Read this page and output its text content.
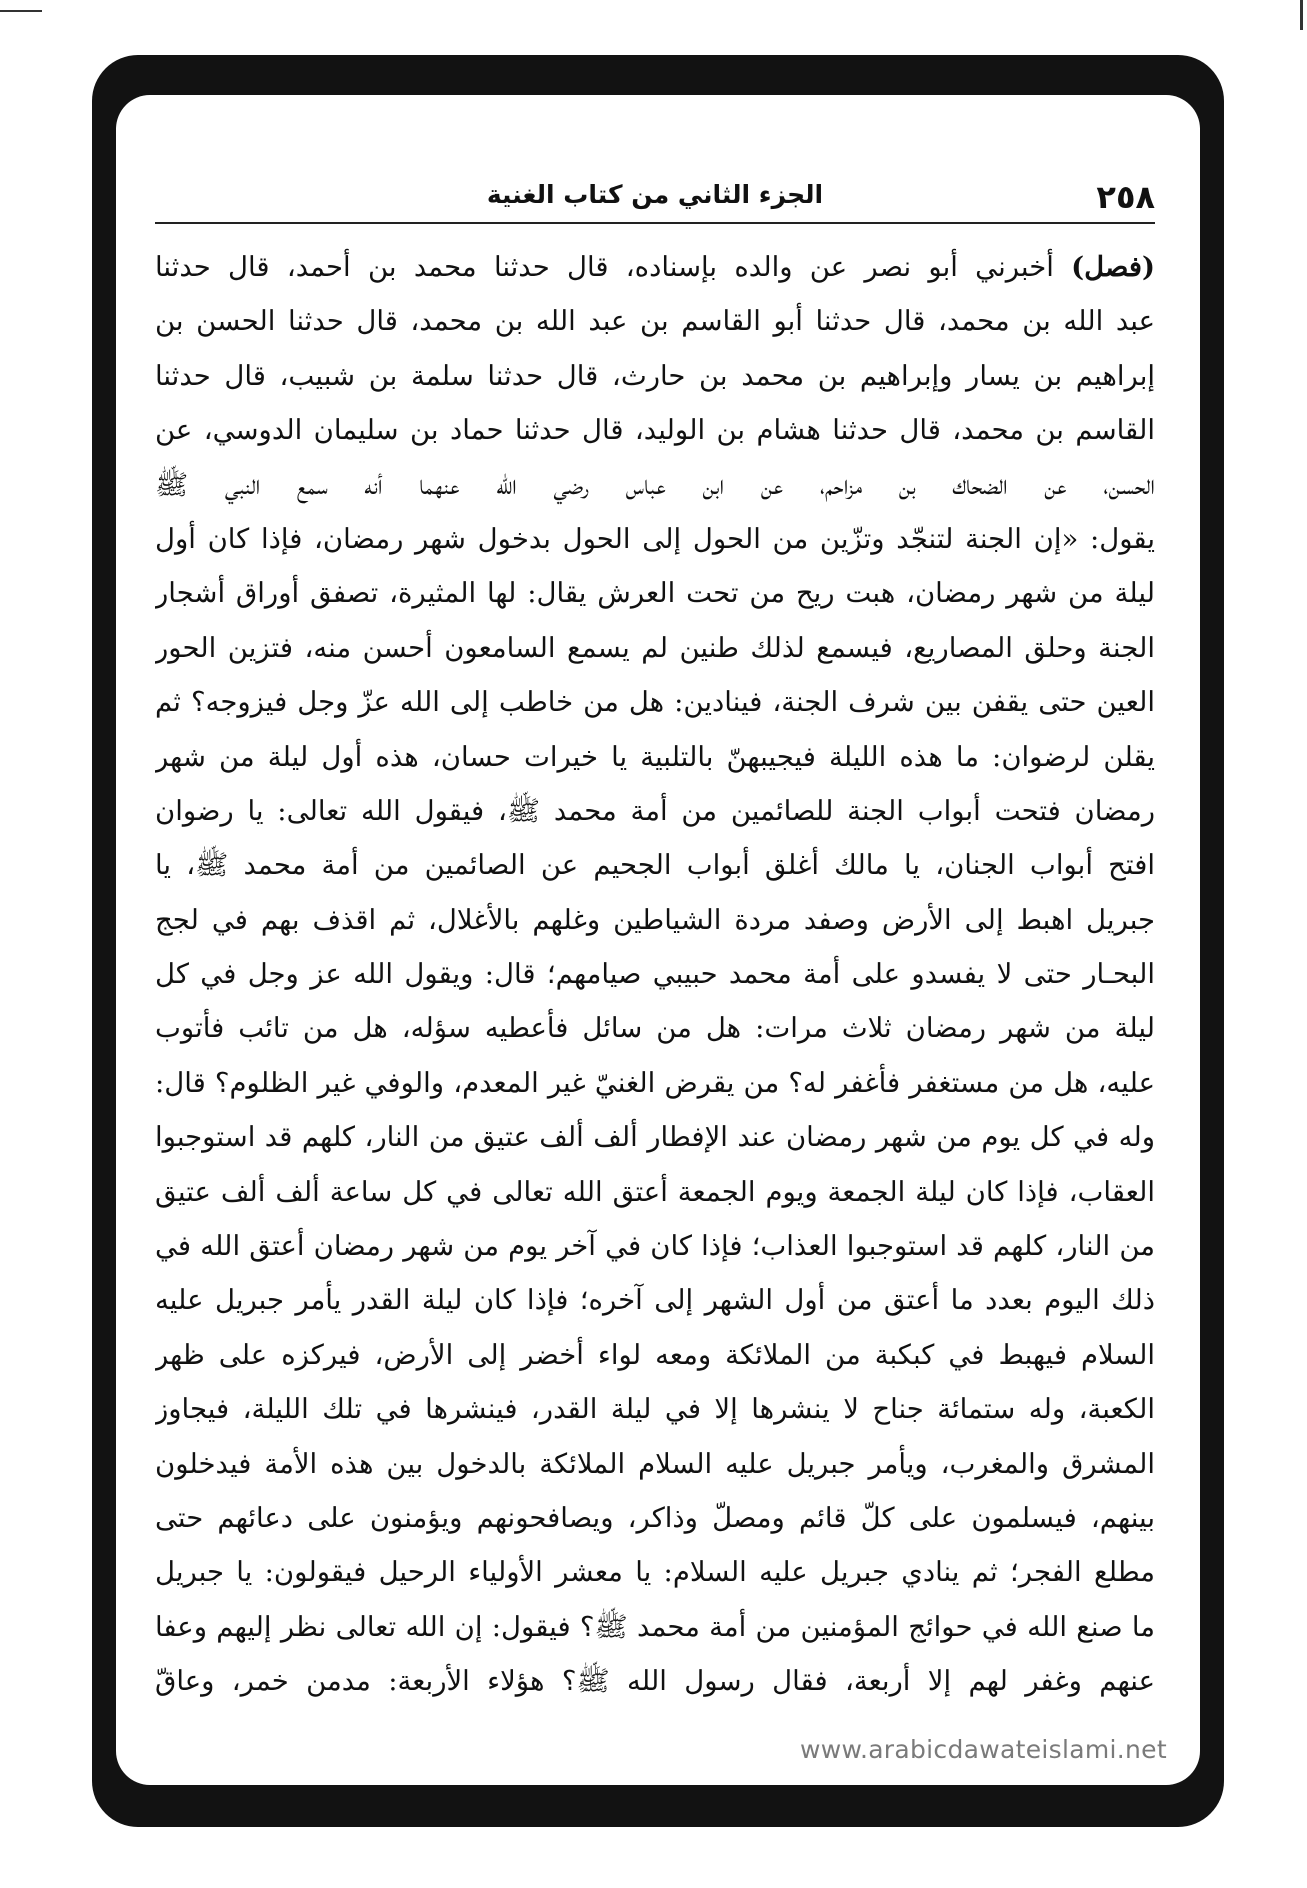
٢٥٨
الجزء الثاني من كتاب الغنية
(فصل) أخبرني أبو نصر عن والده بإسناده، قال حدثنا محمد بن أحمد، قال حدثنا
عبد الله بن محمد، قال حدثنا أبو القاسم بن عبد الله بن محمد، قال حدثنا الحسن بن
إبراهيم بن يسار وإبراهيم بن محمد بن حارث، قال حدثنا سلمة بن شبيب، قال حدثنا
القاسم بن محمد، قال حدثنا هشام بن الوليد، قال حدثنا حماد بن سليمان الدوسي، عن
الحسن، عن الضحاك بن مزاحم، عن ابن عباس رضي الله عنهما أنه سمع النبي ﷺ
يقول: «إن الجنة لتنجّد وتزّين من الحول إلى الحول بدخول شهر رمضان، فإذا كان أول
ليلة من شهر رمضان، هبت ريح من تحت العرش يقال: لها المثيرة، تصفق أوراق أشجار
الجنة وحلق المصاريع، فيسمع لذلك طنين لم يسمع السامعون أحسن منه، فتزين الحور
العين حتى يقفن بين شرف الجنة، فينادين: هل من خاطب إلى الله عزّ وجل فيزوجه؟ ثم
يقلن لرضوان: ما هذه الليلة فيجيبهنّ بالتلبية يا خيرات حسان، هذه أول ليلة من شهر
رمضان فتحت أبواب الجنة للصائمين من أمة محمد ﷺ، فيقول الله تعالى: يا رضوان
افتح أبواب الجنان، يا مالك أغلق أبواب الجحيم عن الصائمين من أمة محمد ﷺ، يا
جبريل اهبط إلى الأرض وصفد مردة الشياطين وغلهم بالأغلال، ثم اقذف بهم في لجج
البحـار حتى لا يفسدو على أمة محمد حبيبي صيامهم؛ قال: ويقول الله عز وجل في كل
ليلة من شهر رمضان ثلاث مرات: هل من سائل فأعطيه سؤله، هل من تائب فأتوب
عليه، هل من مستغفر فأغفر له؟ من يقرض الغنيّ غير المعدم، والوفي غير الظلوم؟ قال:
وله في كل يوم من شهر رمضان عند الإفطار ألف ألف عتيق من النار، كلهم قد استوجبوا
العقاب، فإذا كان ليلة الجمعة ويوم الجمعة أعتق الله تعالى في كل ساعة ألف ألف عتيق
من النار، كلهم قد استوجبوا العذاب؛ فإذا كان في آخر يوم من شهر رمضان أعتق الله في
ذلك اليوم بعدد ما أعتق من أول الشهر إلى آخره؛ فإذا كان ليلة القدر يأمر جبريل عليه
السلام فيهبط في كبكبة من الملائكة ومعه لواء أخضر إلى الأرض، فيركزه على ظهر
الكعبة، وله ستمائة جناح لا ينشرها إلا في ليلة القدر، فينشرها في تلك الليلة، فيجاوز
المشرق والمغرب، ويأمر جبريل عليه السلام الملائكة بالدخول بين هذه الأمة فيدخلون
بينهم، فيسلمون على كلّ قائم ومصلّ وذاكر، ويصافحونهم ويؤمنون على دعائهم حتى
مطلع الفجر؛ ثم ينادي جبريل عليه السلام: يا معشر الأولياء الرحيل فيقولون: يا جبريل
ما صنع الله في حوائج المؤمنين من أمة محمد ﷺ؟ فيقول: إن الله تعالى نظر إليهم وعفا
عنهم وغفر لهم إلا أربعة، فقال رسول الله ﷺ؟ هؤلاء الأربعة: مدمن خمر، وعاقّ
www.arabicdawateislami.net
